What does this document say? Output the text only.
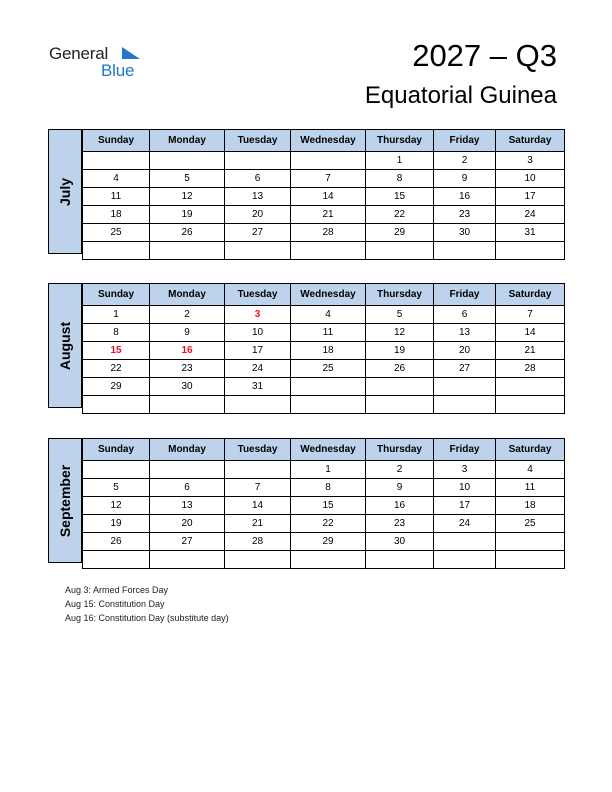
General
Blue	2027 – Q3
Equatorial Guinea
July
Sunday	Monday	Tuesday	Wednesday	Thursday	Friday	Saturday
				1	2	3
4	5	6	7	8	9	10
11	12	13	14	15	16	17
18	19	20	21	22	23	24
25	26	27	28	29	30	31

August
Sunday	Monday	Tuesday	Wednesday	Thursday	Friday	Saturday
1	2	3	4	5	6	7
8	9	10	11	12	13	14
15	16	17	18	19	20	21
22	23	24	25	26	27	28
29	30	31				

September
Sunday	Monday	Tuesday	Wednesday	Thursday	Friday	Saturday
			1	2	3	4
5	6	7	8	9	10	11
12	13	14	15	16	17	18
19	20	21	22	23	24	25
26	27	28	29	30		

Aug 3: Armed Forces Day
Aug 15: Constitution Day
Aug 16: Constitution Day (substitute day)
